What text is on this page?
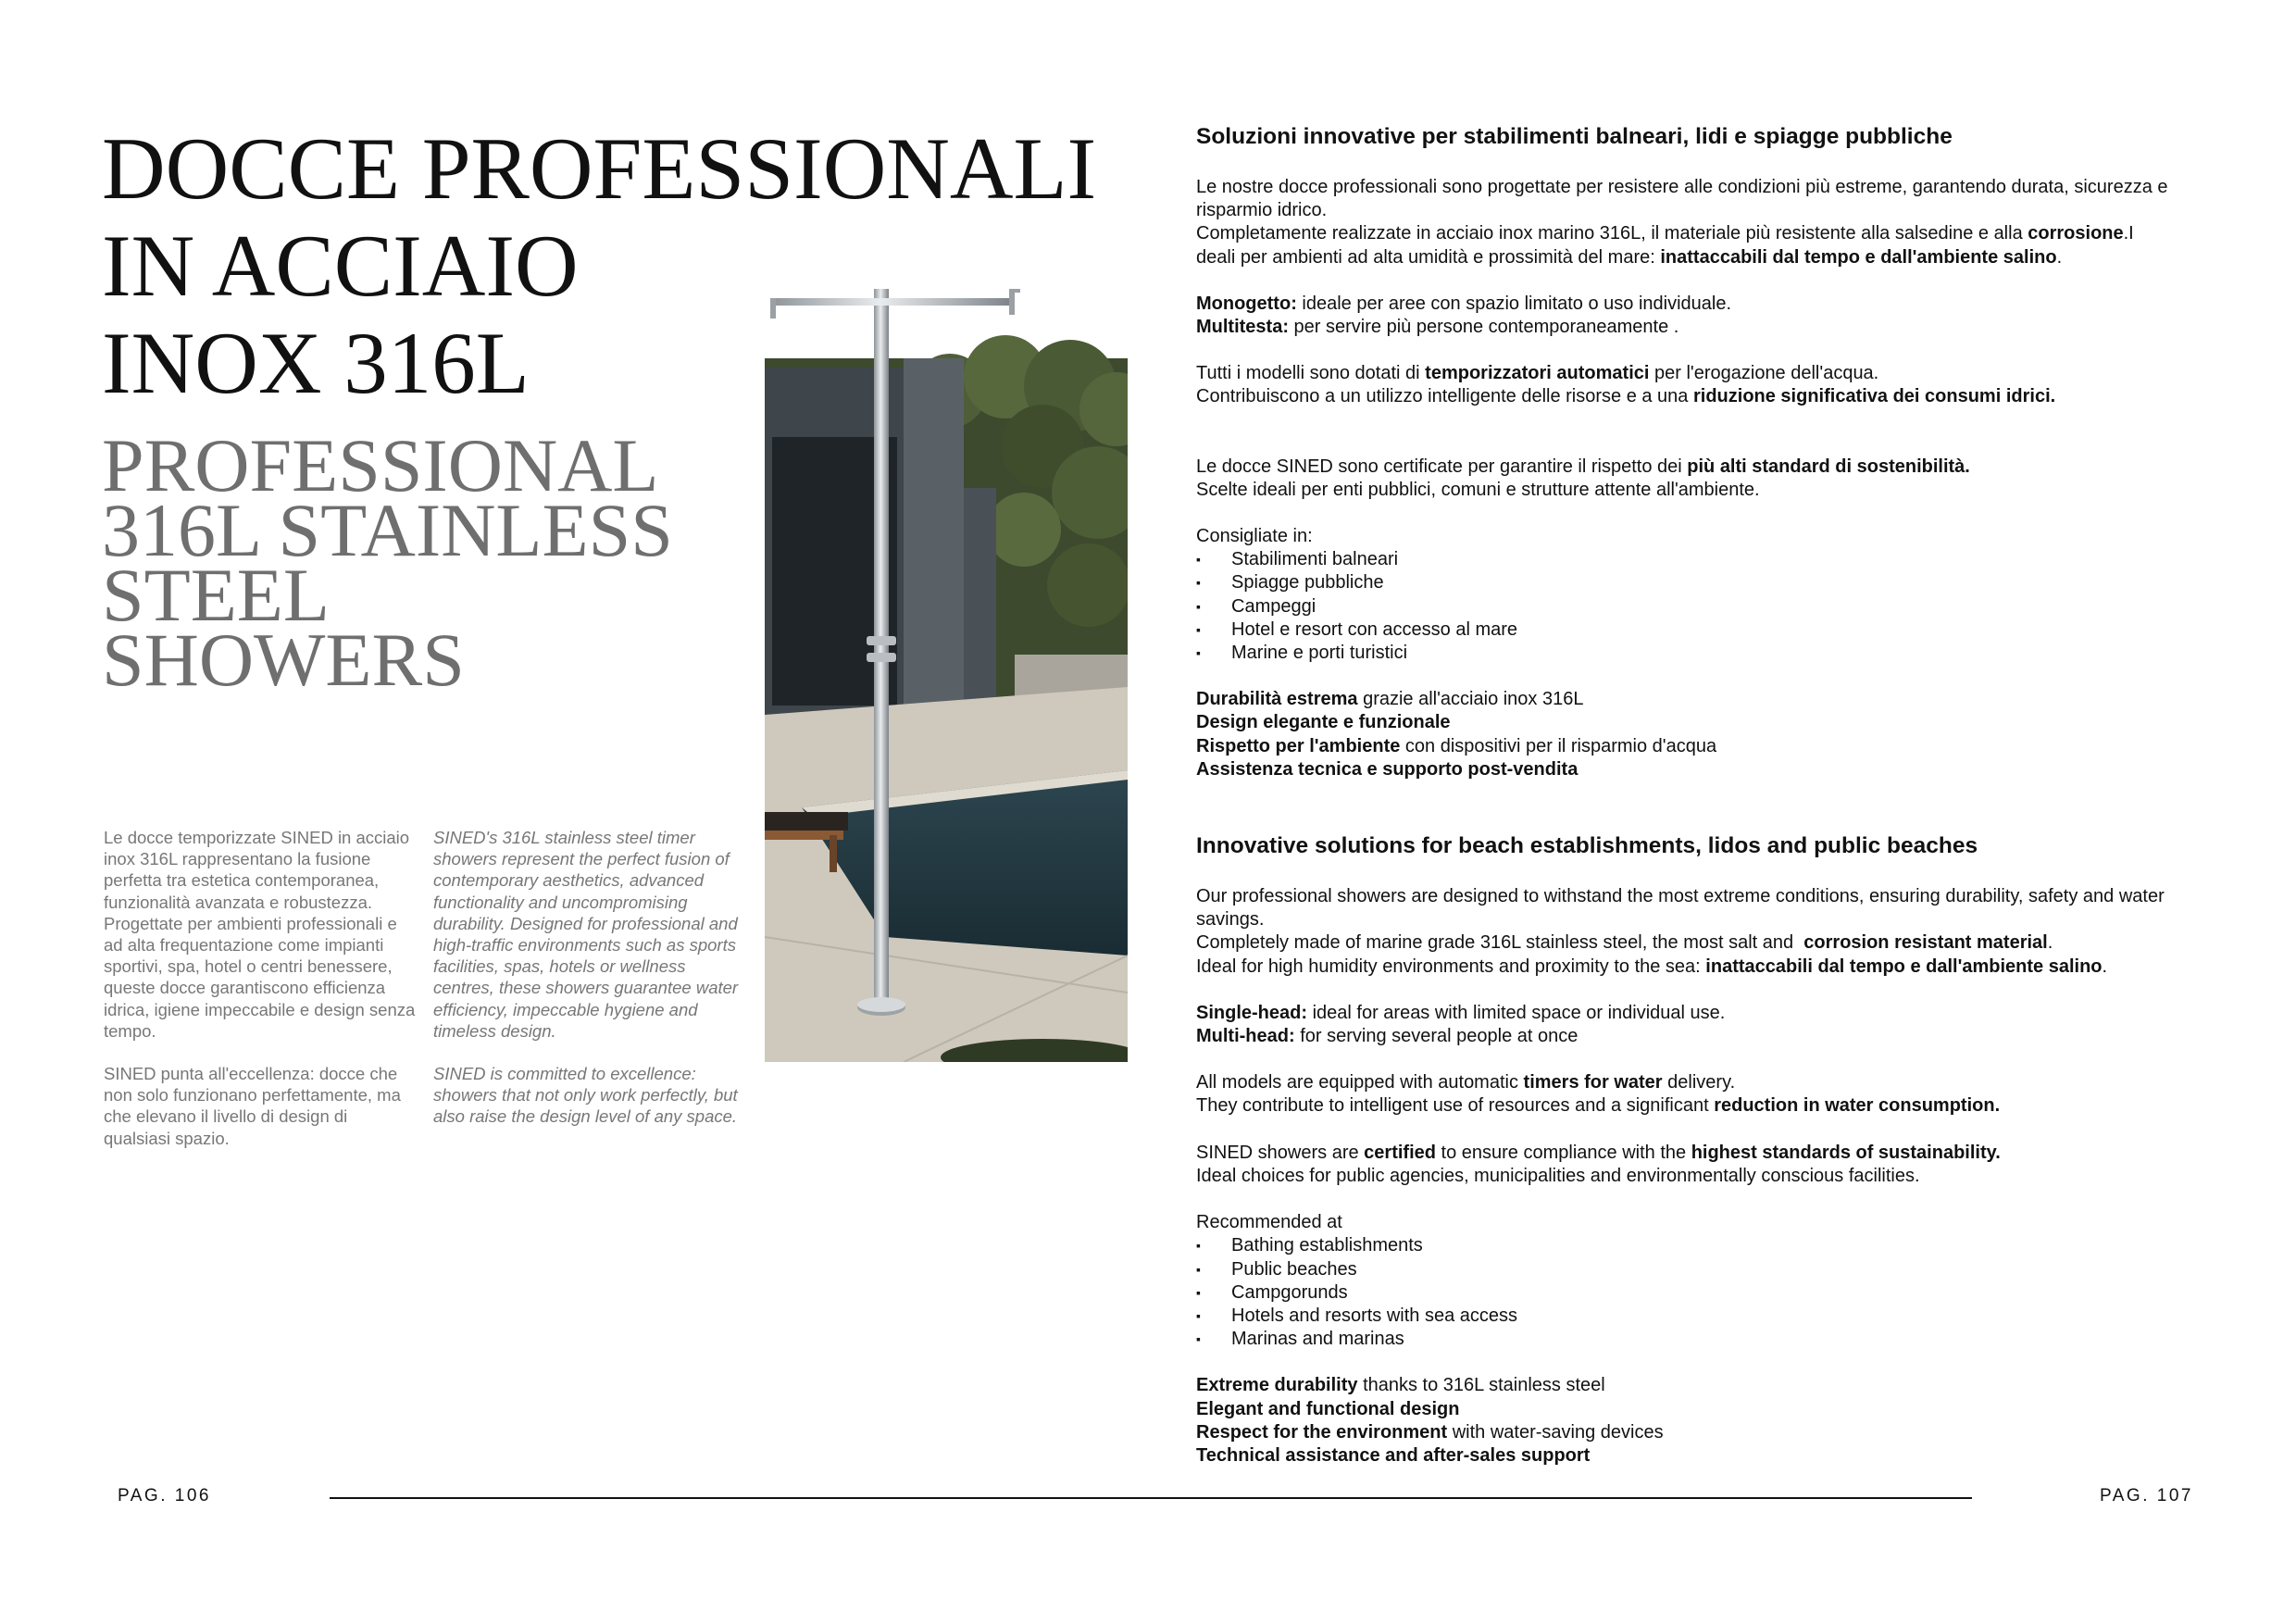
DOCCE PROFESSIONALI
IN ACCIAIO
INOX 316L
PROFESSIONAL
316L STAINLESS
STEEL
SHOWERS

Le docce temporizzate SINED in acciaio inox 316L rappresentano la fusione perfetta tra estetica contemporanea, funzionalità avanzata e robustezza. Progettate per ambienti professionali e ad alta frequentazione come impianti sportivi, spa, hotel o centri benessere, queste docce garantiscono efficienza idrica, igiene impeccabile e design senza tempo.

SINED punta all'eccellenza: docce che non solo funzionano perfettamente, ma che elevano il livello di design di qualsiasi spazio.

SINED's 316L stainless steel timer showers represent the perfect fusion of contemporary aesthetics, advanced functionality and uncompromising durability. Designed for professional and high-traffic environments such as sports facilities, spas, hotels or wellness centres, these showers guarantee water efficiency, impeccable hygiene and timeless design.

SINED is committed to excellence: showers that not only work perfectly, but also raise the design level of any space.

Soluzioni innovative per stabilimenti balneari, lidi e spiagge pubbliche

Le nostre docce professionali sono progettate per resistere alle condizioni più estreme, garantendo durata, sicurezza e risparmio idrico.

Completamente realizzate in acciaio inox marino 316L, il materiale più resistente alla salsedine e alla corrosione.I

deali per ambienti ad alta umidità e prossimità del mare: inattaccabili dal tempo e dall'ambiente salino.

Monogetto: ideale per aree con spazio limitato o uso individuale.

Multitesta: per servire più persone contemporaneamente .

Tutti i modelli sono dotati di temporizzatori automatici per l'erogazione dell'acqua.

Contribuiscono a un utilizzo intelligente delle risorse e a una riduzione significativa dei consumi idrici.

Le docce SINED sono certificate per garantire il rispetto dei più alti standard di sostenibilità.

Scelte ideali per enti pubblici, comuni e strutture attente all'ambiente.

Consigliate in:

▪ Stabilimenti balneari
▪ Spiagge pubbliche
▪ Campeggi
▪ Hotel e resort con accesso al mare
▪ Marine e porti turistici

Durabilità estrema grazie all'acciaio inox 316L

Design elegante e funzionale

Rispetto per l'ambiente con dispositivi per il risparmio d'acqua

Assistenza tecnica e supporto post-vendita

Innovative solutions for beach establishments, lidos and public beaches

Our professional showers are designed to withstand the most extreme conditions, ensuring durability, safety and water savings.

Completely made of marine grade 316L stainless steel, the most salt and  corrosion resistant material.

Ideal for high humidity environments and proximity to the sea: inattaccabili dal tempo e dall'ambiente salino.

Single-head: ideal for areas with limited space or individual use.

Multi-head: for serving several people at once

All models are equipped with automatic timers for water delivery.

They contribute to intelligent use of resources and a significant reduction in water consumption.

SINED showers are certified to ensure compliance with the highest standards of sustainability.

Ideal choices for public agencies, municipalities and environmentally conscious facilities.

Recommended at

▪ Bathing establishments
▪ Public beaches
▪ Campgorunds
▪ Hotels and resorts with sea access
▪ Marinas and marinas

Extreme durability thanks to 316L stainless steel

Elegant and functional design

Respect for the environment with water-saving devices

Technical assistance and after-sales support

PAG. 106	PAG. 107
